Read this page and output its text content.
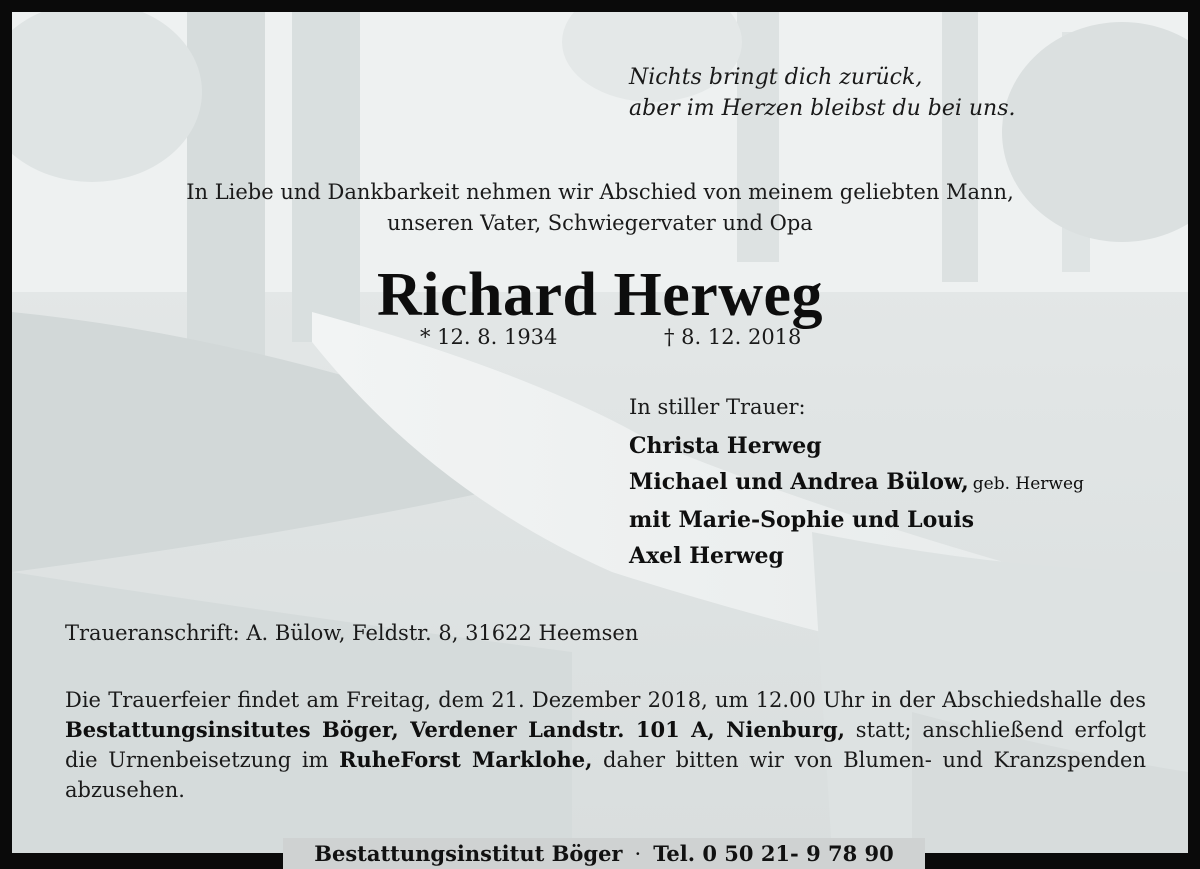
Nichts bringt dich zurück,
aber im Herzen bleibst du bei uns.

In Liebe und Dankbarkeit nehmen wir Abschied von meinem geliebten Mann,
unseren Vater, Schwiegervater und Opa
Richard Herweg
* 12. 8. 1934	† 8. 12. 2018
In stiller Trauer:
Christa Herweg
Michael und Andrea Bülow, geb. Herweg
mit Marie-Sophie und Louis
Axel Herweg
Traueranschrift: A. Bülow, Feldstr. 8, 31622 Heemsen

Die Trauerfeier findet am Freitag, dem 21. Dezember 2018, um 12.00 Uhr in der Abschiedshalle des Bestattungsinsitutes Böger, Verdener Landstr. 101 A, Nienburg, statt; anschließend erfolgt die Urnenbeisetzung im RuheForst Marklohe, daher bitten wir von Blumen- und Kranzspenden abzusehen.

Bestattungsinstitut Böger · Tel. 0 50 21- 9 78 90
